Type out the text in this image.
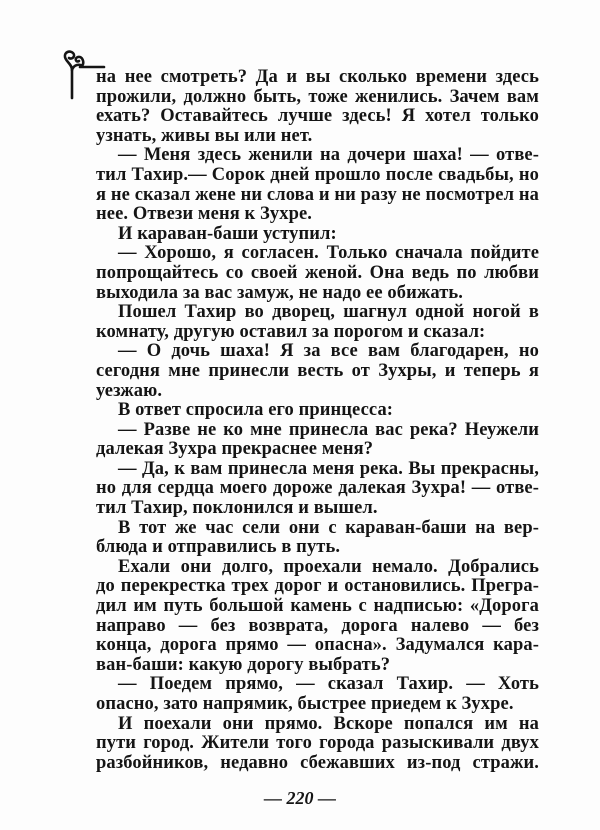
на нее смотреть? Да и вы сколько времени здесь
прожили, должно быть, тоже женились. Зачем вам
ехать? Оставайтесь лучше здесь! Я хотел только
узнать, живы вы или нет.
— Меня здесь женили на дочери шаха! — отве-
тил Тахир.— Сорок дней прошло после свадьбы, но
я не сказал жене ни слова и ни разу не посмотрел на
нее. Отвези меня к Зухре.
И караван-баши уступил:
— Хорошо, я согласен. Только сначала пойдите
попрощайтесь со своей женой. Она ведь по любви
выходила за вас замуж, не надо ее обижать.
Пошел Тахир во дворец, шагнул одной ногой в
комнату, другую оставил за порогом и сказал:
— О дочь шаха! Я за все вам благодарен, но
сегодня мне принесли весть от Зухры, и теперь я
уезжаю.
В ответ спросила его принцесса:
— Разве не ко мне принесла вас река? Неужели
далекая Зухра прекраснее меня?
— Да, к вам принесла меня река. Вы прекрасны,
но для сердца моего дороже далекая Зухра! — отве-
тил Тахир, поклонился и вышел.
В тот же час сели они с караван-баши на вер-
блюда и отправились в путь.
Ехали они долго, проехали немало. Добрались
до перекрестка трех дорог и остановились. Прегра-
дил им путь большой камень с надписью: «Дорога
направо — без возврата, дорога налево — без
конца, дорога прямо — опасна». Задумался кара-
ван-баши: какую дорогу выбрать?
— Поедем прямо, — сказал Тахир. — Хоть
опасно, зато напрямик, быстрее приедем к Зухре.
И поехали они прямо. Вскоре попался им на
пути город. Жители того города разыскивали двух
разбойников, недавно сбежавших из-под стражи.
— 220 —
